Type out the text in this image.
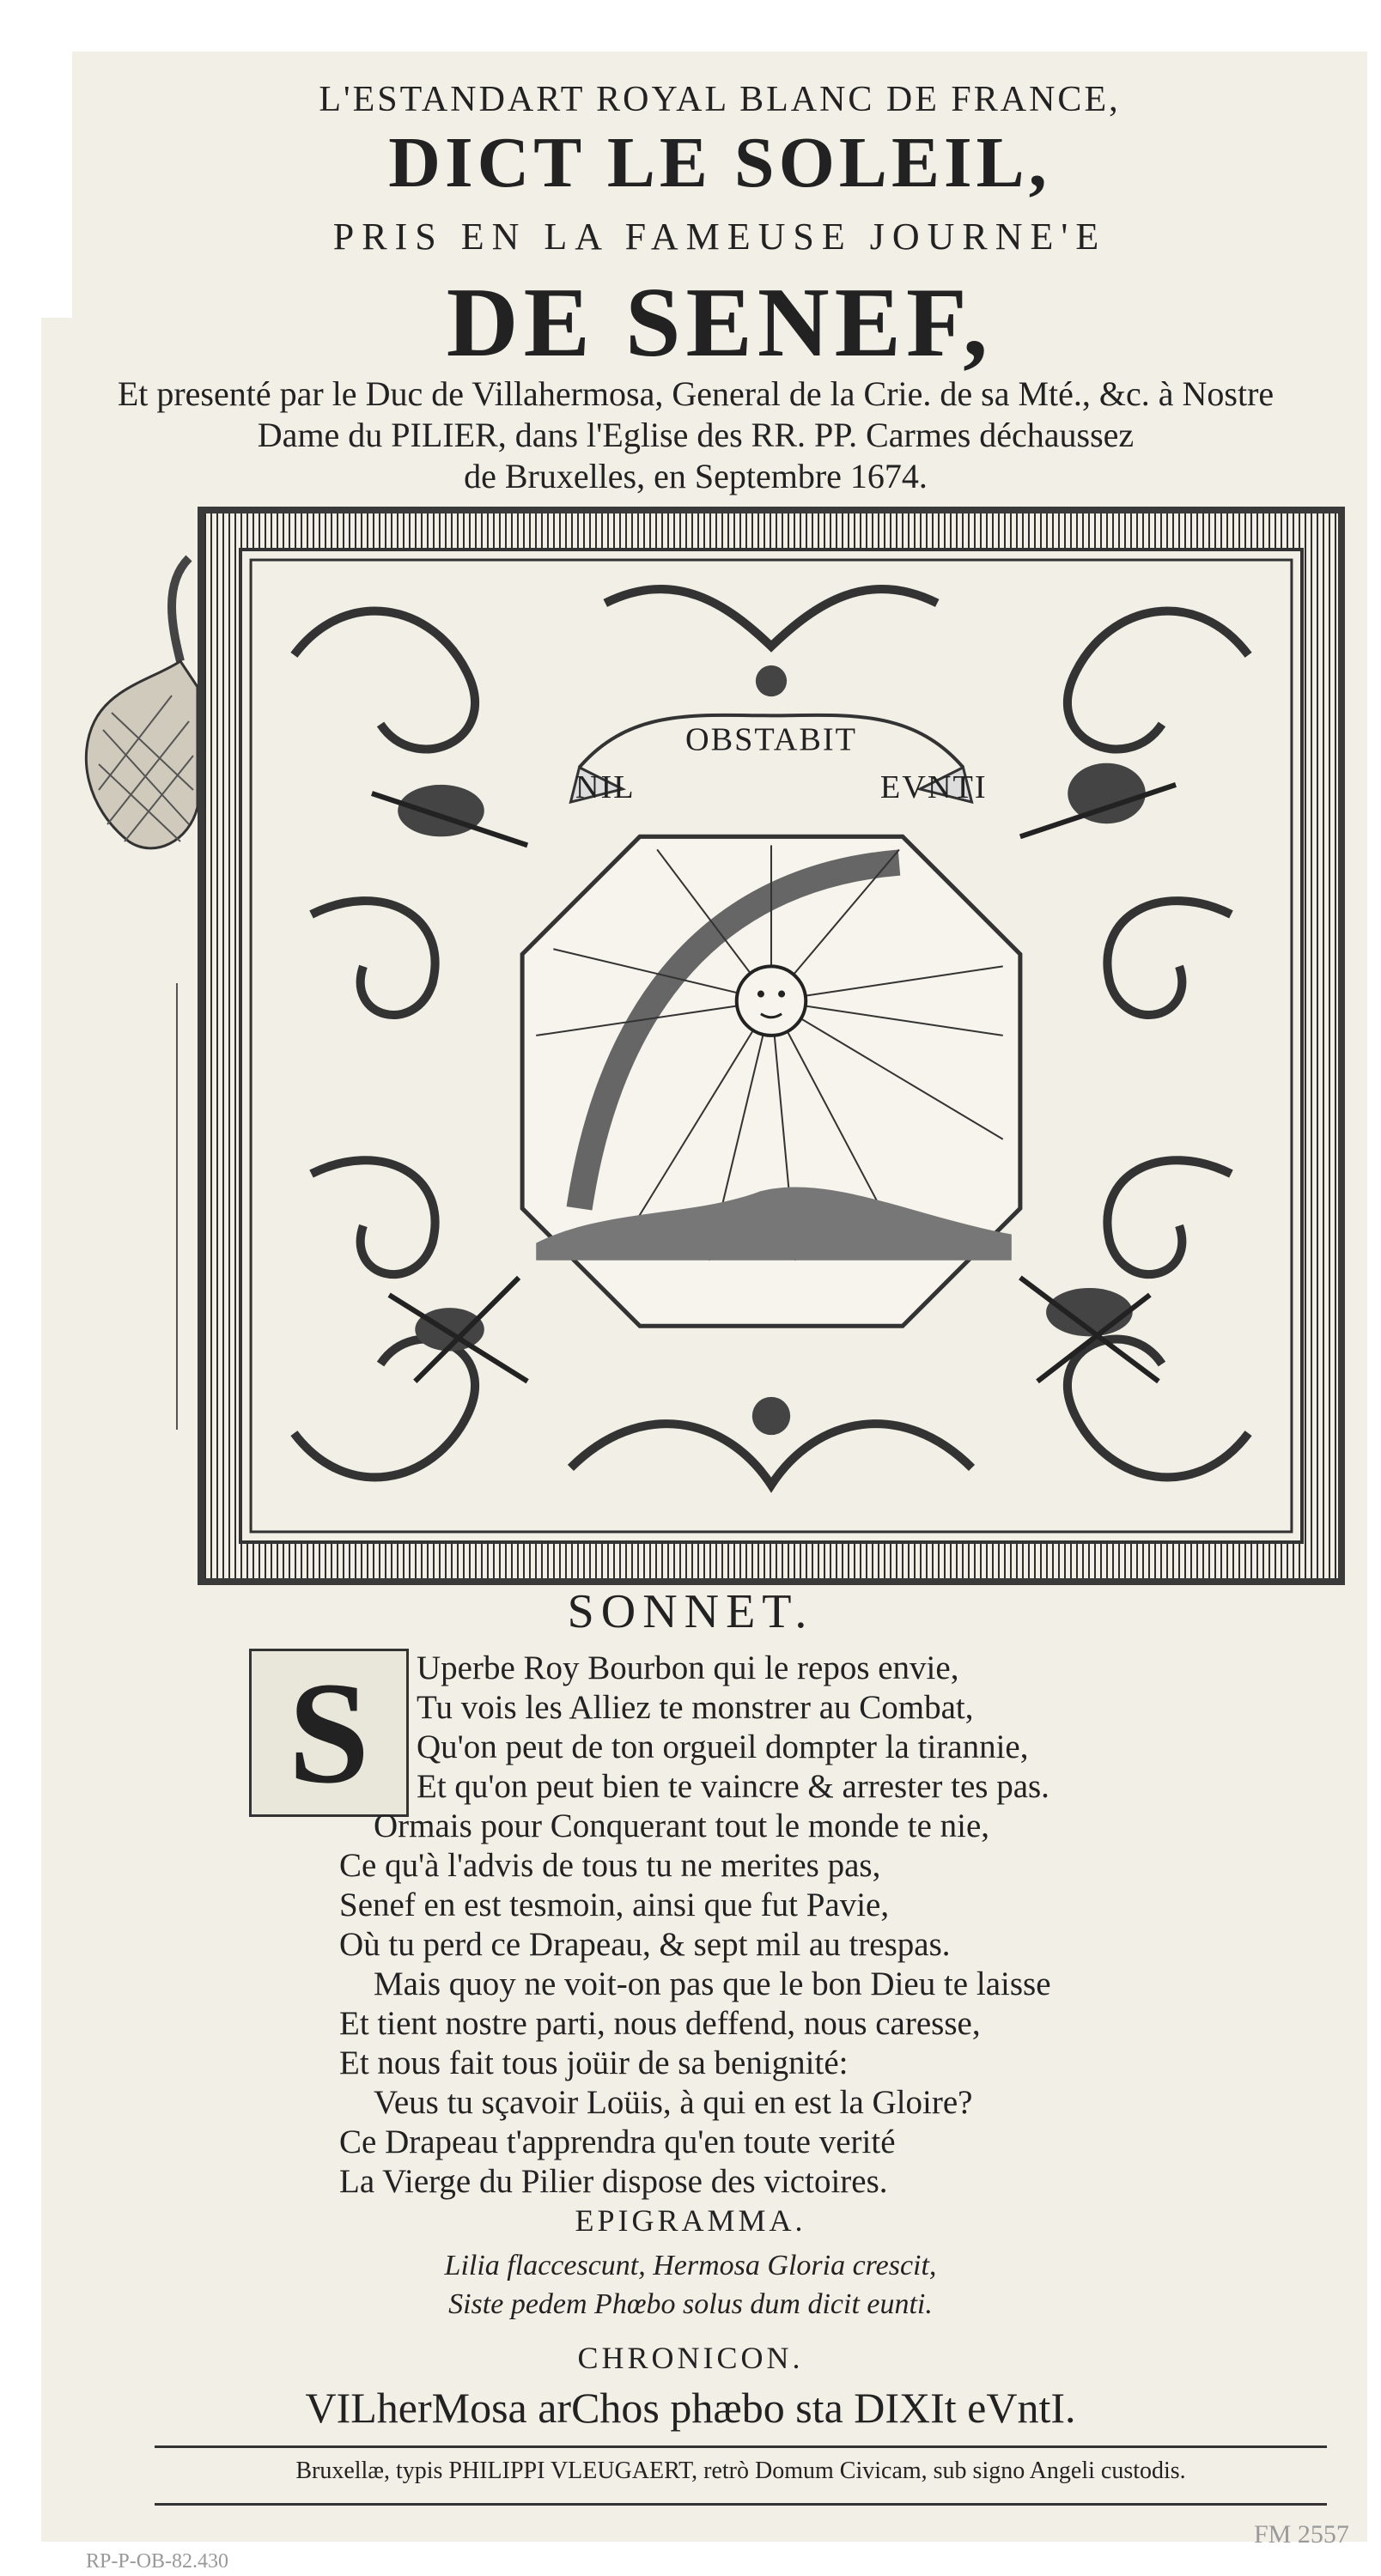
L'ESTANDART ROYAL BLANC DE FRANCE,
DICT LE SOLEIL,
PRIS EN LA FAMEUSE JOURNE'E
DE SENEF,
Et presenté par le Duc de Villahermosa, General de la Crie. de sa Mté., &c. à Nostre
Dame du PILIER, dans l'Eglise des RR. PP. Carmes déchaussez
de Bruxelles, en Septembre 1674.
OBSTABIT
NIL	EVNTI
SONNET.
S	Uperbe Roy Bourbon qui le repos envie,
Tu vois les Alliez te monstrer au Combat,
Qu'on peut de ton orgueil dompter la tirannie,
Et qu'on peut bien te vaincre & arrester tes pas.
Ormais pour Conquerant tout le monde te nie,
Ce qu'à l'advis de tous tu ne merites pas,
Senef en est tesmoin, ainsi que fut Pavie,
Où tu perd ce Drapeau, & sept mil au trespas.
Mais quoy ne voit-on pas que le bon Dieu te laisse
Et tient nostre parti, nous deffend, nous caresse,
Et nous fait tous joüir de sa benignité:
Veus tu sçavoir Loüis, à qui en est la Gloire?
Ce Drapeau t'apprendra qu'en toute verité
La Vierge du Pilier dispose des victoires.
EPIGRAMMA.
Lilia flaccescunt, Hermosa Gloria crescit,
Siste pedem Phœbo solus dum dicit eunti.
CHRONICON.
VILherMosa arChos phæbo sta DIXIt eVntI.
Bruxellæ, typis PHILIPPI VLEUGAERT, retrò Domum Civicam, sub signo Angeli custodis.
RP-P-OB-82.430
FM 2557
